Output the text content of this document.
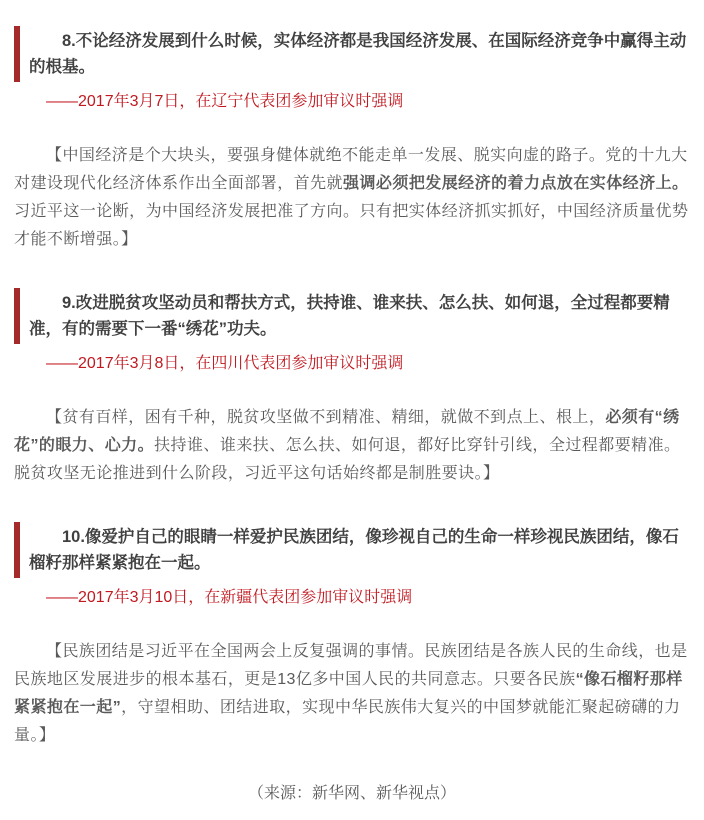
8.不论经济发展到什么时候，实体经济都是我国经济发展、在国际经济竞争中赢得主动的根基。

——2017年3月7日，在辽宁代表团参加审议时强调

【中国经济是个大块头，要强身健体就绝不能走单一发展、脱实向虚的路子。党的十九大对建设现代化经济体系作出全面部署，首先就强调必须把发展经济的着力点放在实体经济上。习近平这一论断，为中国经济发展把准了方向。只有把实体经济抓实抓好，中国经济质量优势才能不断增强。】

9.改进脱贫攻坚动员和帮扶方式，扶持谁、谁来扶、怎么扶、如何退，全过程都要精准，有的需要下一番“绣花”功夫。

——2017年3月8日，在四川代表团参加审议时强调

【贫有百样，困有千种，脱贫攻坚做不到精准、精细，就做不到点上、根上，必须有“绣花”的眼力、心力。扶持谁、谁来扶、怎么扶、如何退，都好比穿针引线，全过程都要精准。脱贫攻坚无论推进到什么阶段，习近平这句话始终都是制胜要诀。】

10.像爱护自己的眼睛一样爱护民族团结，像珍视自己的生命一样珍视民族团结，像石榴籽那样紧紧抱在一起。

——2017年3月10日，在新疆代表团参加审议时强调

【民族团结是习近平在全国两会上反复强调的事情。民族团结是各族人民的生命线，也是民族地区发展进步的根本基石，更是13亿多中国人民的共同意志。只要各民族“像石榴籽那样紧紧抱在一起”，守望相助、团结进取，实现中华民族伟大复兴的中国梦就能汇聚起磅礴的力量。】

（来源：新华网、新华视点）
